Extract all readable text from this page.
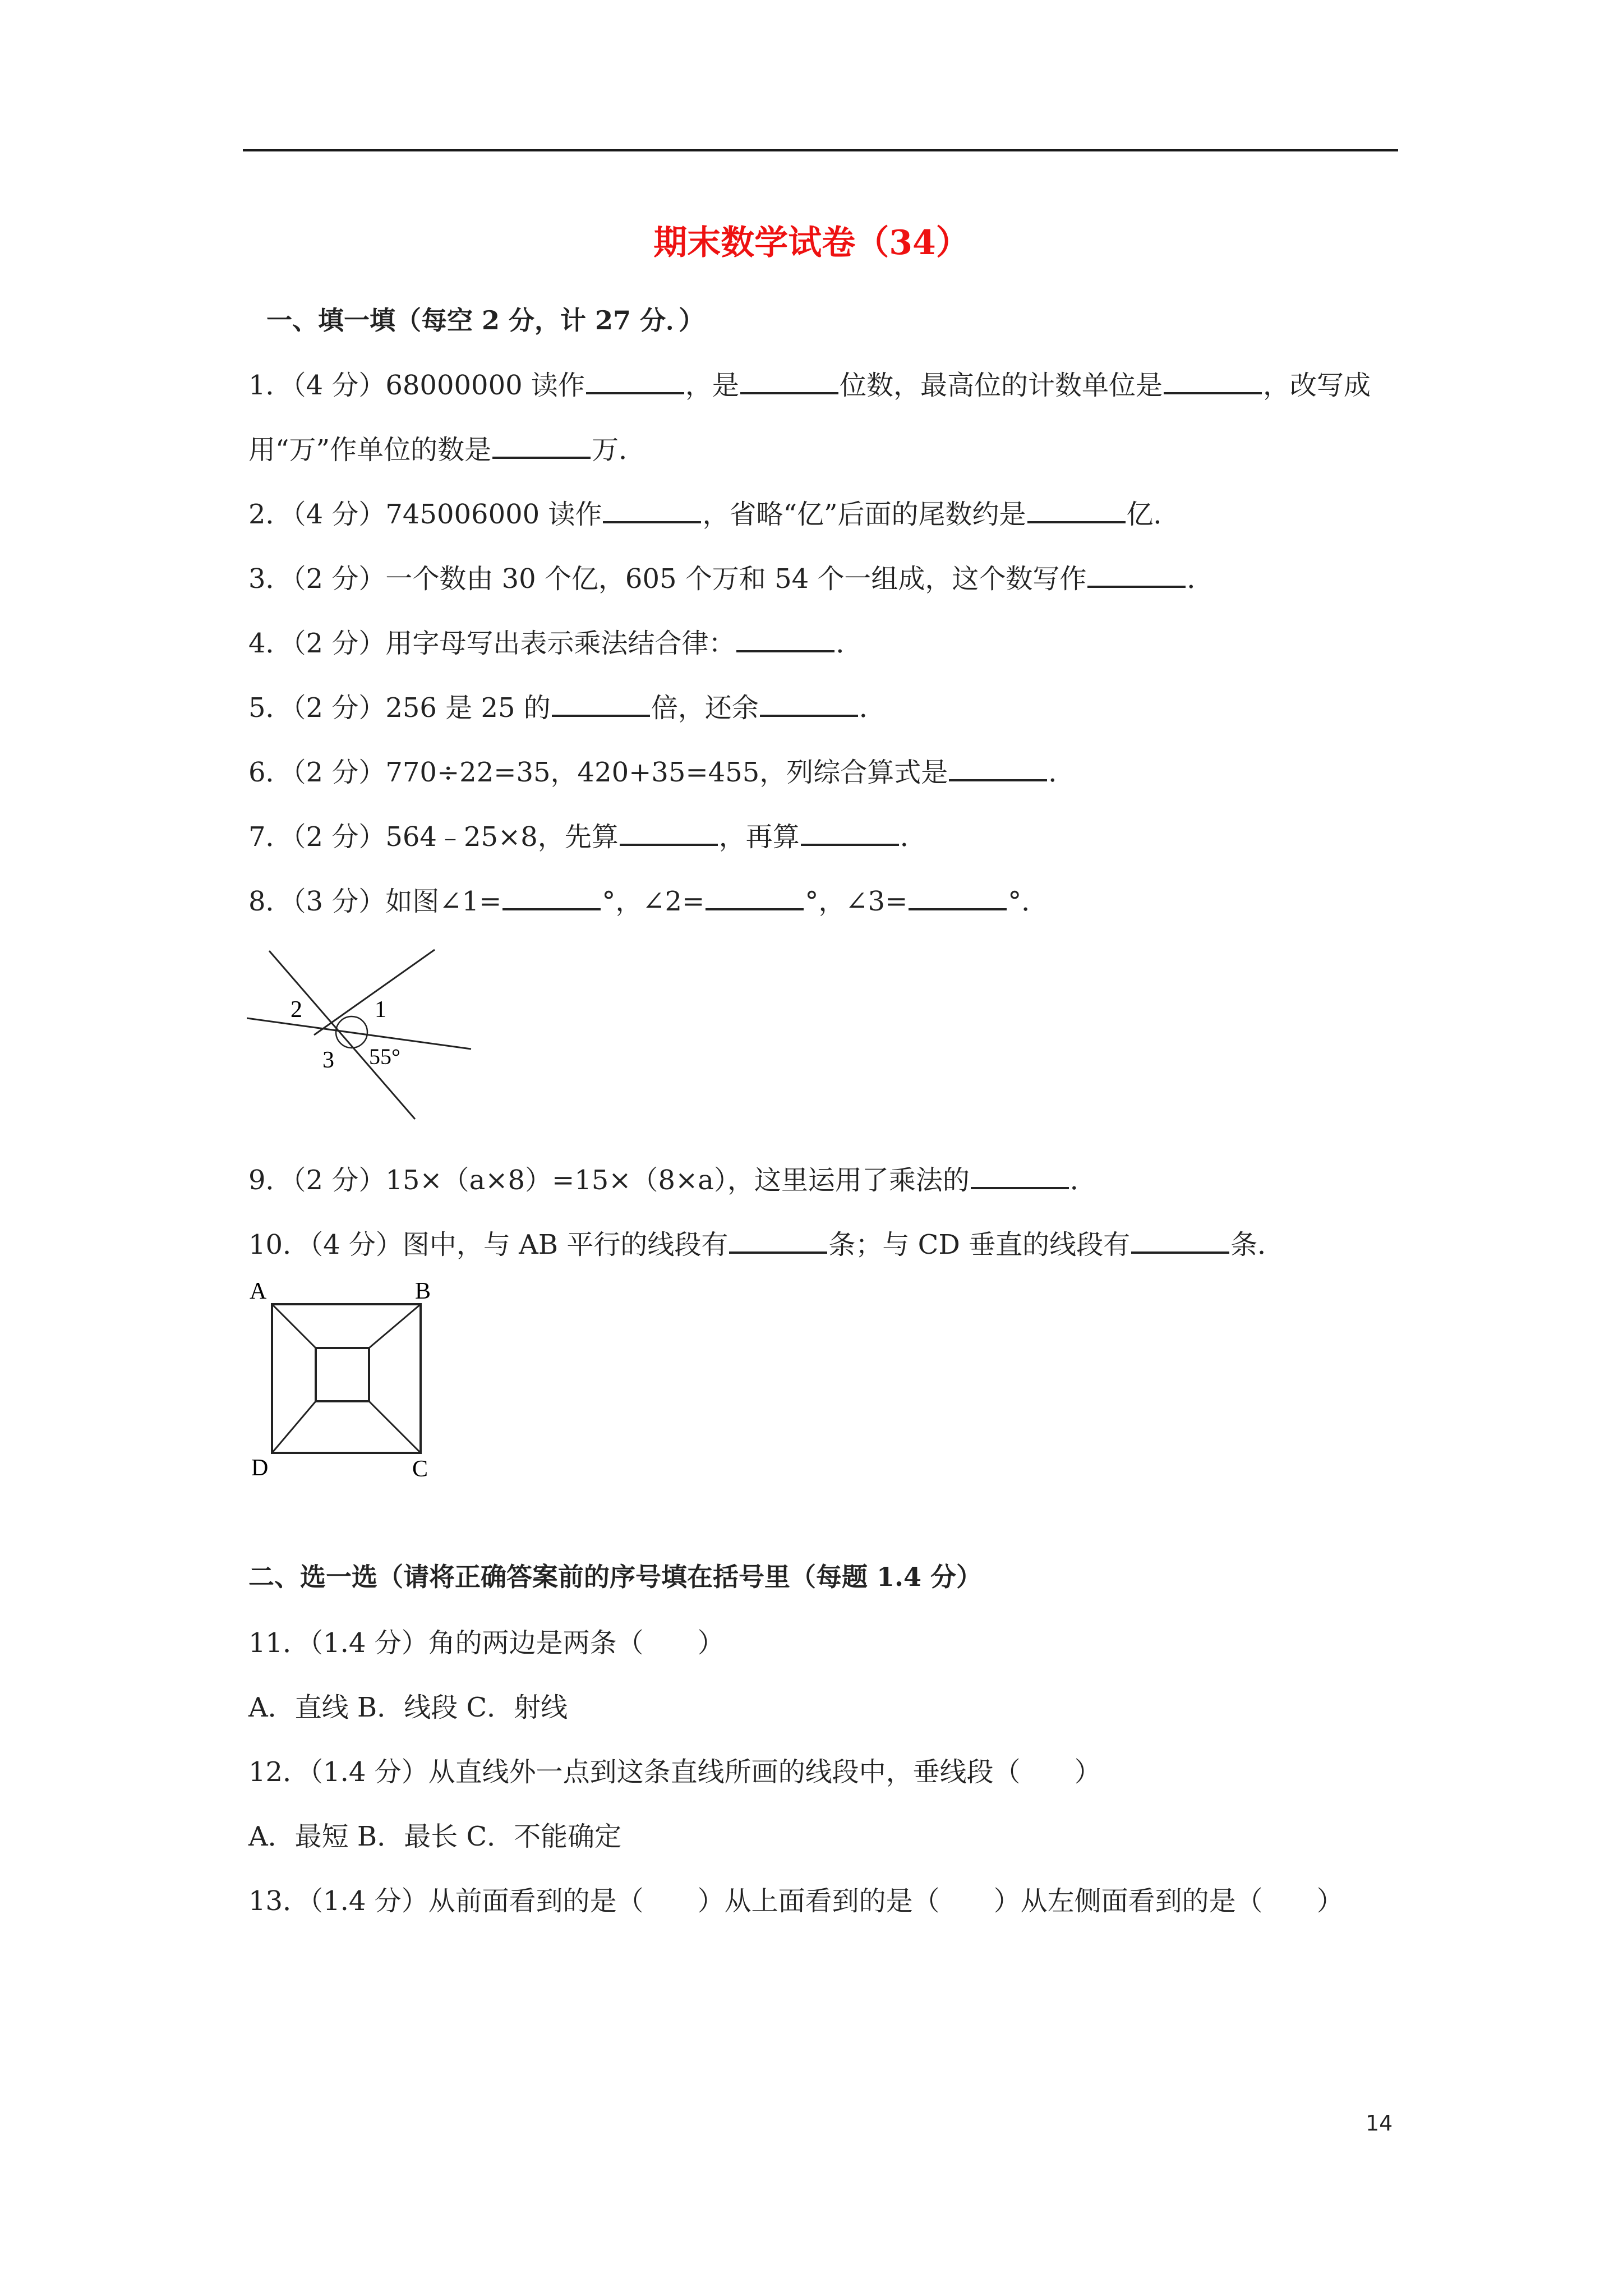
期末数学试卷（34）
一、填一填（每空 2 分，计 27 分．）
1．（4 分）68000000 读作	，是	位数，最高位的计数单位是	，改写成
用“万”作单位的数是	万．
2．（4 分）745006000 读作	，省略“亿”后面的尾数约是	亿．
3．（2 分）一个数由 30 个亿，605 个万和 54 个一组成，这个数写作	．
4．（2 分）用字母写出表示乘法结合律：	．
5．（2 分）256 是 25 的	倍，还余	．
6．（2 分）770÷22=35，420+35=455，列综合算式是	．
7．（2 分）564﹣25×8，先算	，再算	．
8．（3 分）如图∠1=	°，∠2=	°，∠3=	°．
2	1
3 55°
9．（2 分）15×（a×8）=15×（8×a），这里运用了乘法的	．
10．（4 分）图中，与 AB 平行的线段有	条；与 CD 垂直的线段有	条．
A	B
D	C
二、选一选（请将正确答案前的序号填在括号里（每题 1.4 分）
11．（1.4 分）角的两边是两条（　　）
A．直线 B．线段 C．射线
12．（1.4 分）从直线外一点到这条直线所画的线段中，垂线段（　　）
A．最短 B．最长 C．不能确定
13．（1.4 分）从前面看到的是（　　）从上面看到的是（　　）从左侧面看到的是（　　）
14
